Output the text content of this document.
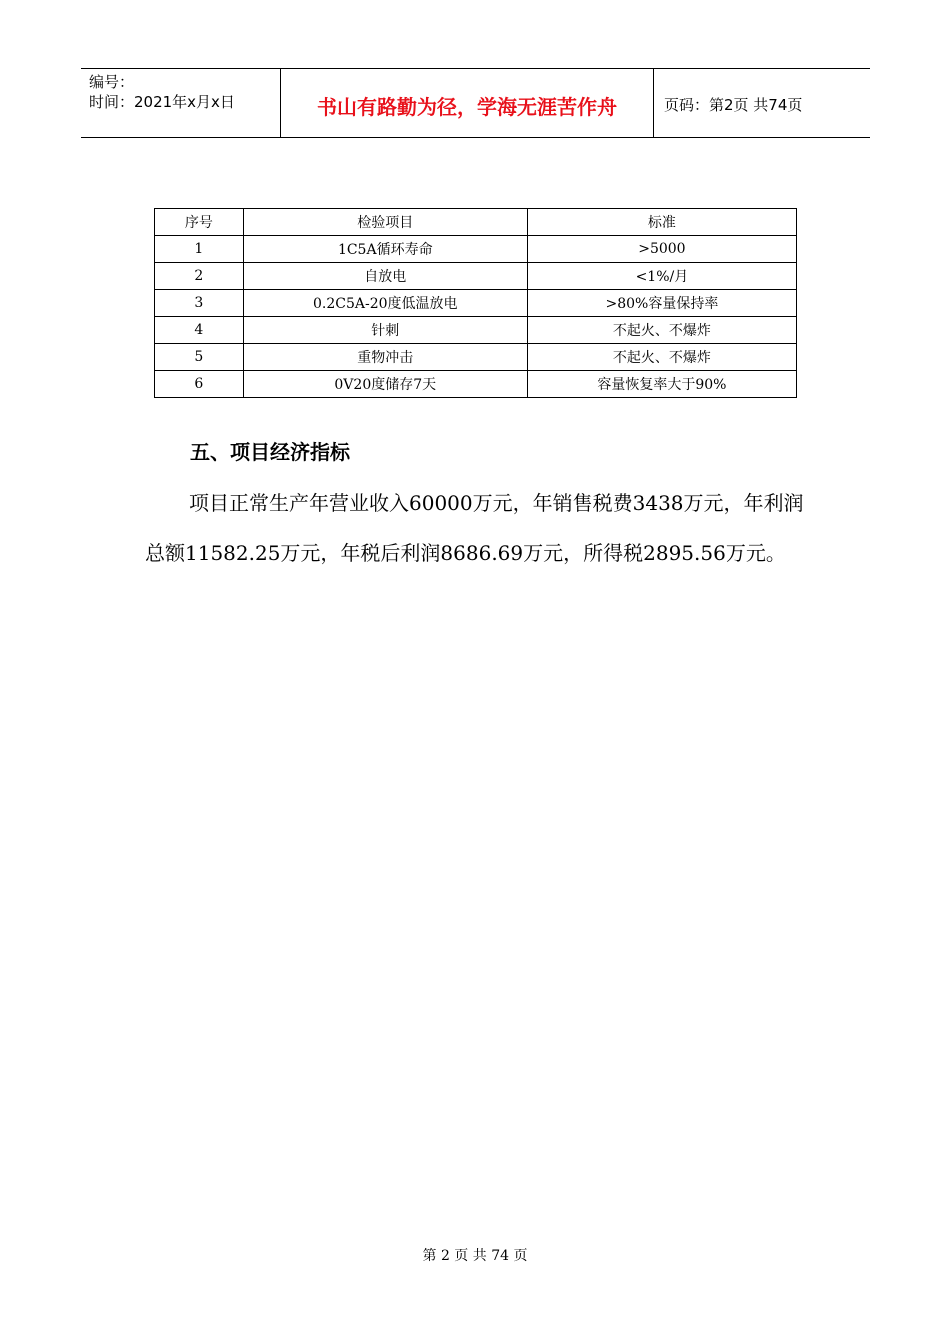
编号：
时间：2021年x月x日	书山有路勤为径，学海无涯苦作舟	页码：第2页 共74页
序号	检验项目	标准
1	1C5A循环寿命	>5000
2	自放电	<1%/月
3	0.2C5A-20度低温放电	>80%容量保持率
4	针刺	不起火、不爆炸
5	重物冲击	不起火、不爆炸
6	0V20度储存7天	容量恢复率大于90%
五、项目经济指标
项目正常生产年营业收入60000万元，年销售税费3438万元，年利润总额11582.25万元，年税后利润8686.69万元，所得税2895.56万元。
第 2 页 共 74 页
